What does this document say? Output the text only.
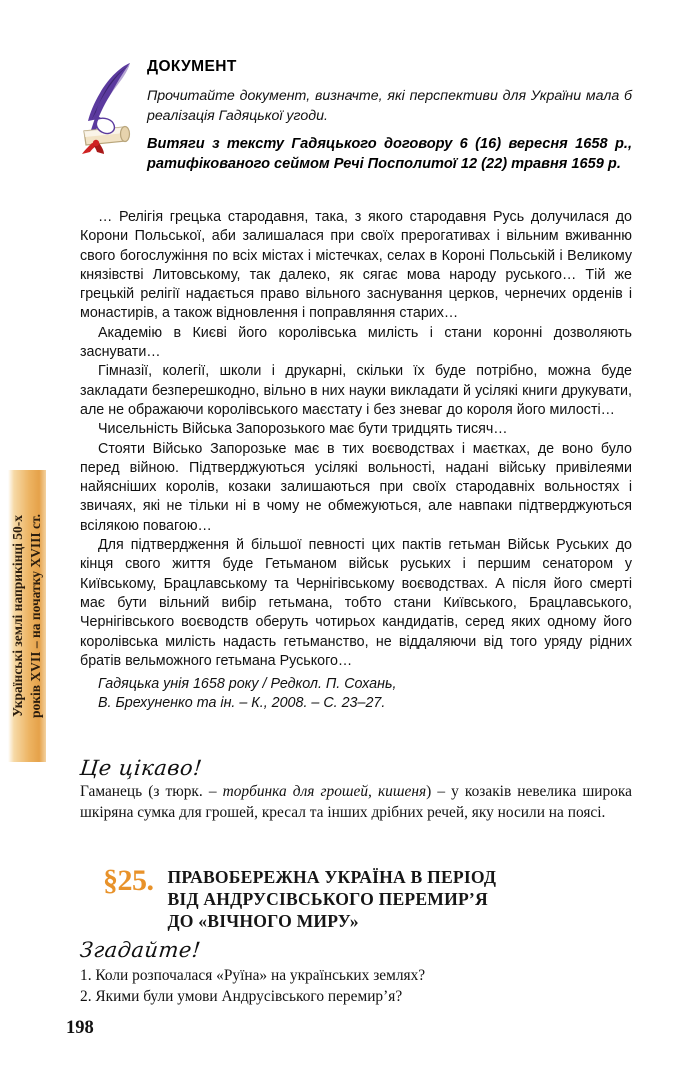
Українські землі наприкінці 50-х років XVII – на початку XVIII ст.
ДОКУМЕНТ

Прочитайте документ, визначте, які перспективи для України мала б реалізація Гадяцької угоди.

Витяги з тексту Гадяцького договору 6 (16) вересня 1658 р., ратифікованого сеймом Речі Посполитої 12 (22) травня 1659 р.

… Релігія грецька стародавня, така, з якого стародавня Русь долучилася до Корони Польської, аби залишалася при своїх прерогативах і вільним вживанню свого богослужіння по всіх містах і містечках, селах в Короні Польській і Великому князівстві Литовському, так далеко, як сягає мова народу руського… Тій же грецькій релігії надається право вільного заснування церков, чернечих орденів і монастирів, а також відновлення і поправляння старих…

Академію в Києві його королівська милість і стани коронні дозволяють заснувати…

Гімназії, колегії, школи і друкарні, скільки їх буде потрібно, можна буде закладати безперешкодно, вільно в них науки викладати й усілякі книги друкувати, але не ображаючи королівського маєстату і без зневаг до короля його милості…

Чисельність Війська Запорозького має бути тридцять тисяч…

Стояти Військо Запорозьке має в тих воєводствах і маєтках, де воно було перед війною. Підтверджуються усілякі вольності, надані війську привілеями найясніших королів, козаки залишаються при своїх стародавніх вольностях і звичаях, які не тільки ні в чому не обмежуються, але навпаки підтверджуються всілякою повагою…

Для підтвердження й більшої певності цих пактів гетьман Військ Руських до кінця свого життя буде Гетьманом військ руських і першим сенатором у Київському, Брацлавському та Чернігівському воєводствах. А після його смерті має бути вільний вибір гетьмана, тобто стани Київського, Брацлавського, Чернігівського воєводств оберуть чотирьох кандидатів, серед яких одному його королівська милість надасть гетьманство, не віддаляючи від того уряду рідних братів вельможного гетьмана Руського…

Гадяцька унія 1658 року / Редкол. П. Сохань,

В. Брехуненко та ін. – К., 2008. – С. 23–27.

Це цікаво!

Гаманець (з тюрк. – торбинка для грошей, кишеня) – у козаків невелика широка шкіряна сумка для грошей, кресал та інших дрібних речей, яку носили на поясі.

§25. ПРАВОБЕРЕЖНА УКРАЇНА В ПЕРІОД
ВІД АНДРУСІВСЬКОГО ПЕРЕМИР’Я
ДО «ВІЧНОГО МИРУ»
Згадайте!
1. Коли розпочалася «Руїна» на українських землях?
2. Якими були умови Андрусівського перемир’я?
198
